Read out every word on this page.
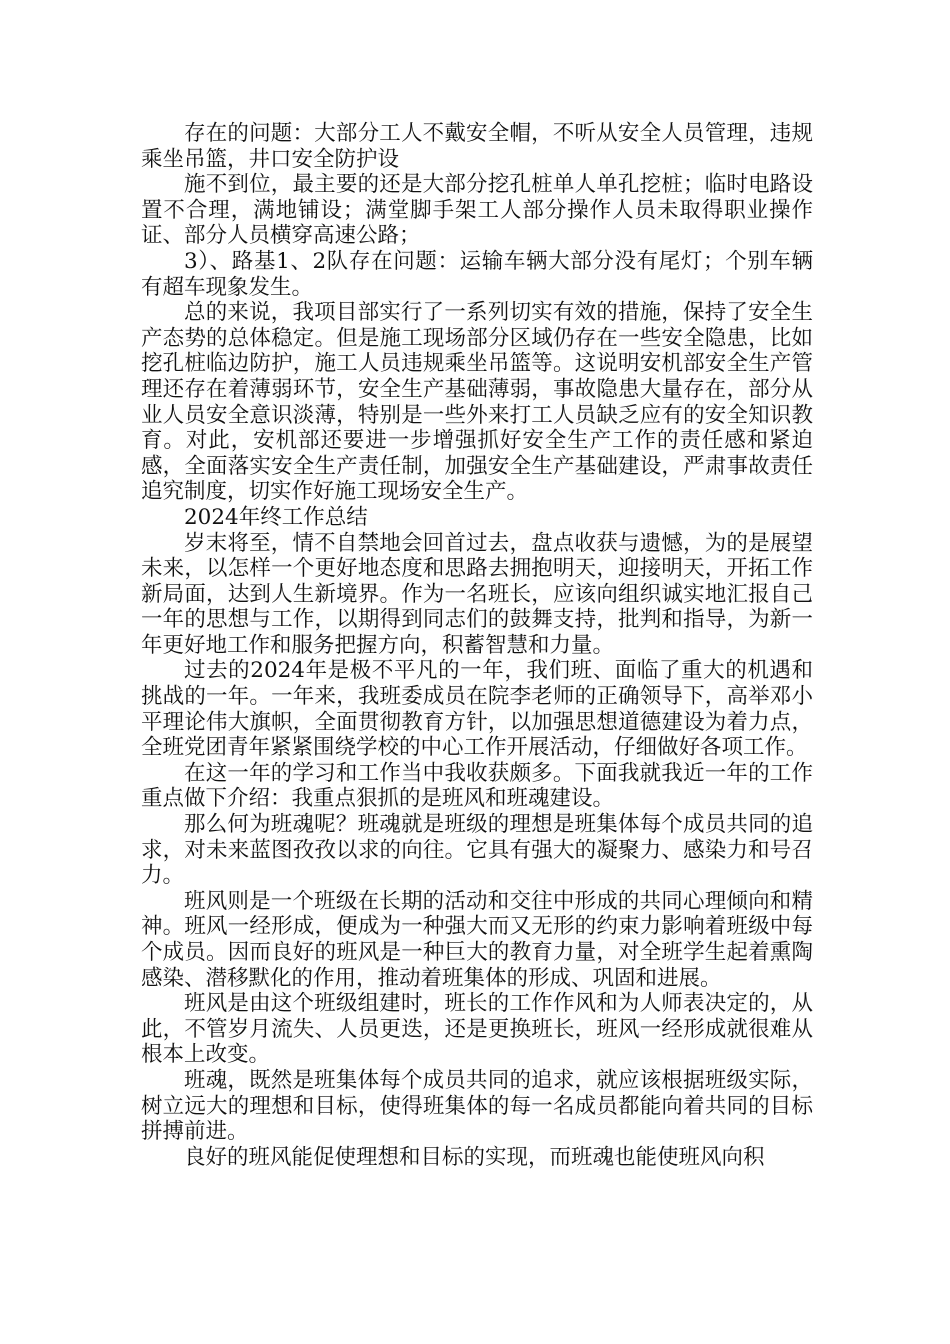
存在的问题：大部分工人不戴安全帽，不听从安全人员管理，违规乘坐吊篮，井口安全防护设

施不到位，最主要的还是大部分挖孔桩单人单孔挖桩；临时电路设置不合理，满地铺设；满堂脚手架工人部分操作人员未取得职业操作证、部分人员横穿高速公路；

3）、路基1、2队存在问题：运输车辆大部分没有尾灯；个别车辆有超车现象发生。

总的来说，我项目部实行了一系列切实有效的措施，保持了安全生产态势的总体稳定。但是施工现场部分区域仍存在一些安全隐患，比如挖孔桩临边防护，施工人员违规乘坐吊篮等。这说明安机部安全生产管理还存在着薄弱环节，安全生产基础薄弱，事故隐患大量存在，部分从业人员安全意识淡薄，特别是一些外来打工人员缺乏应有的安全知识教育。对此，安机部还要进一步增强抓好安全生产工作的责任感和紧迫感，全面落实安全生产责任制，加强安全生产基础建设，严肃事故责任追究制度，切实作好施工现场安全生产。

2024年终工作总结

岁末将至，情不自禁地会回首过去，盘点收获与遗憾，为的是展望未来，以怎样一个更好地态度和思路去拥抱明天，迎接明天，开拓工作新局面，达到人生新境界。作为一名班长，应该向组织诚实地汇报自己一年的思想与工作，以期得到同志们的鼓舞支持，批判和指导，为新一年更好地工作和服务把握方向，积蓄智慧和力量。

过去的2024年是极不平凡的一年，我们班、面临了重大的机遇和挑战的一年。一年来，我班委成员在院李老师的正确领导下，高举邓小平理论伟大旗帜，全面贯彻教育方针，以加强思想道德建设为着力点，全班党团青年紧紧围绕学校的中心工作开展活动，仔细做好各项工作。

在这一年的学习和工作当中我收获颇多。下面我就我近一年的工作重点做下介绍：我重点狠抓的是班风和班魂建设。

那么何为班魂呢？班魂就是班级的理想是班集体每个成员共同的追求，对未来蓝图孜孜以求的向往。它具有强大的凝聚力、感染力和号召力。

班风则是一个班级在长期的活动和交往中形成的共同心理倾向和精神。班风一经形成，便成为一种强大而又无形的约束力影响着班级中每个成员。因而良好的班风是一种巨大的教育力量，对全班学生起着熏陶感染、潜移默化的作用，推动着班集体的形成、巩固和进展。

班风是由这个班级组建时，班长的工作作风和为人师表决定的，从此，不管岁月流失、人员更迭，还是更换班长，班风一经形成就很难从根本上改变。

班魂，既然是班集体每个成员共同的追求，就应该根据班级实际，树立远大的理想和目标，使得班集体的每一名成员都能向着共同的目标拼搏前进。

良好的班风能促使理想和目标的实现，而班魂也能使班风向积
